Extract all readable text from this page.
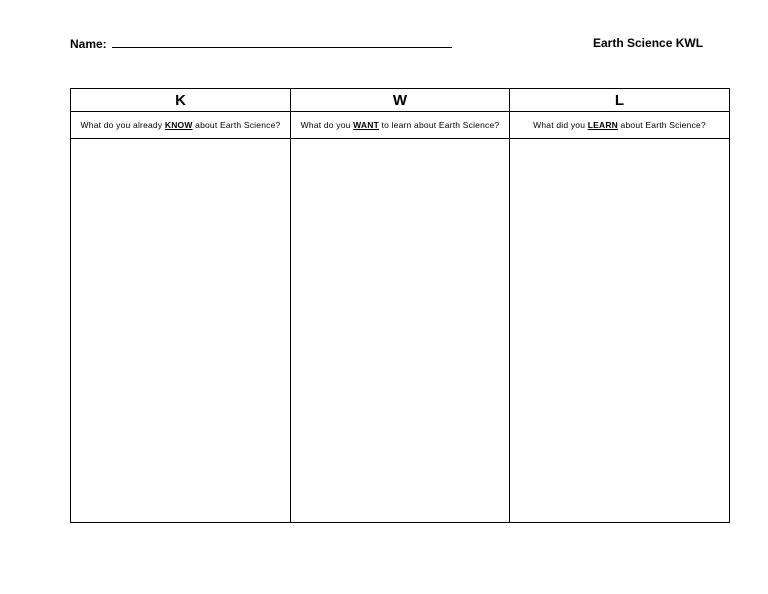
Name:	Earth Science KWL
K	W	L
What do you already KNOW about Earth Science?	What do you WANT to learn about Earth Science?	What did you LEARN about Earth Science?
